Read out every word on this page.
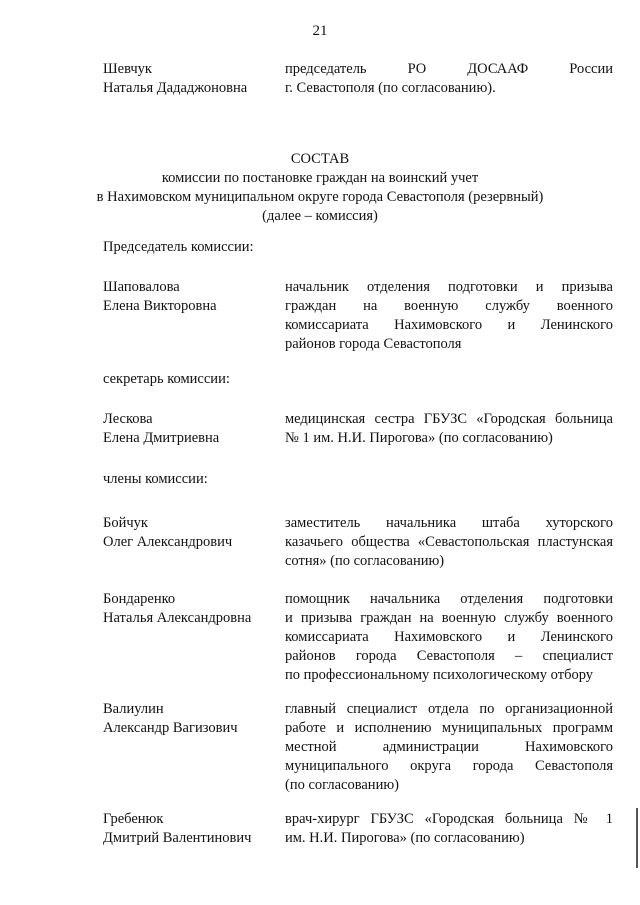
21
Шевчук
Наталья Дададжоновна
председатель РО ДОСААФ России
г. Севастополя (по согласованию).
СОСТАВ
комиссии по постановке граждан на воинский учет
в Нахимовском муниципальном округе города Севастополя (резервный)
(далее – комиссия)
Председатель комиссии:
Шаповалова
Елена Викторовна
начальник отделения подготовки и призыва
граждан на военную службу военного
комиссариата Нахимовского и Ленинского
районов города Севастополя
секретарь комиссии:
Лескова
Елена Дмитриевна
медицинская сестра ГБУЗС «Городская больница
№ 1 им. Н.И. Пирогова» (по согласованию)
члены комиссии:
Бойчук
Олег Александрович
заместитель начальника штаба хуторского
казачьего общества «Севастопольская пластунская
сотня» (по согласованию)
Бондаренко
Наталья Александровна
помощник начальника отделения подготовки
и призыва граждан на военную службу военного
комиссариата Нахимовского и Ленинского
районов города Севастополя – специалист
по профессиональному психологическому отбору
Валиулин
Александр Вагизович
главный специалист отдела по организационной
работе и исполнению муниципальных программ
местной администрации Нахимовского
муниципального округа города Севастополя
(по согласованию)
Гребенюк
Дмитрий Валентинович
врач-хирург ГБУЗС «Городская больница № 1
им. Н.И. Пирогова» (по согласованию)
